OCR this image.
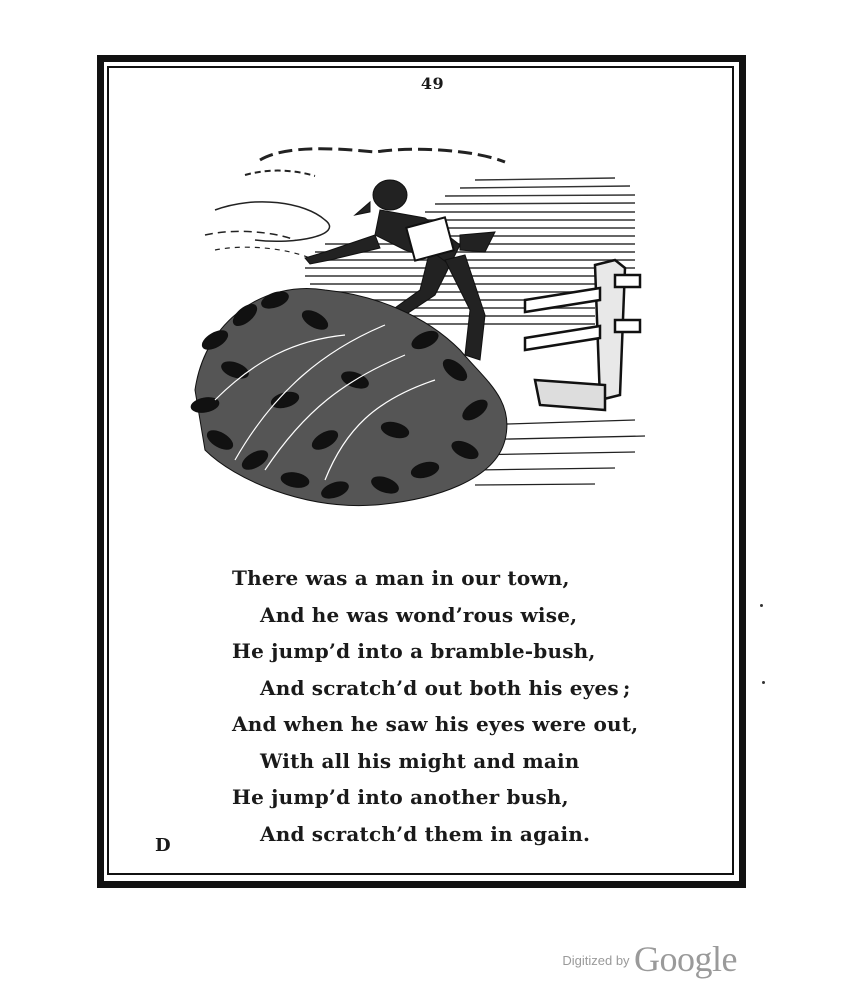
49
There was a man in our town,
And he was wond’rous wise,
He jump’d into a bramble-bush,
And scratch’d out both his eyes ;
And when he saw his eyes were out,
With all his might and main
He jump’d into another bush,
And scratch’d them in again.
D
Digitized by Google
